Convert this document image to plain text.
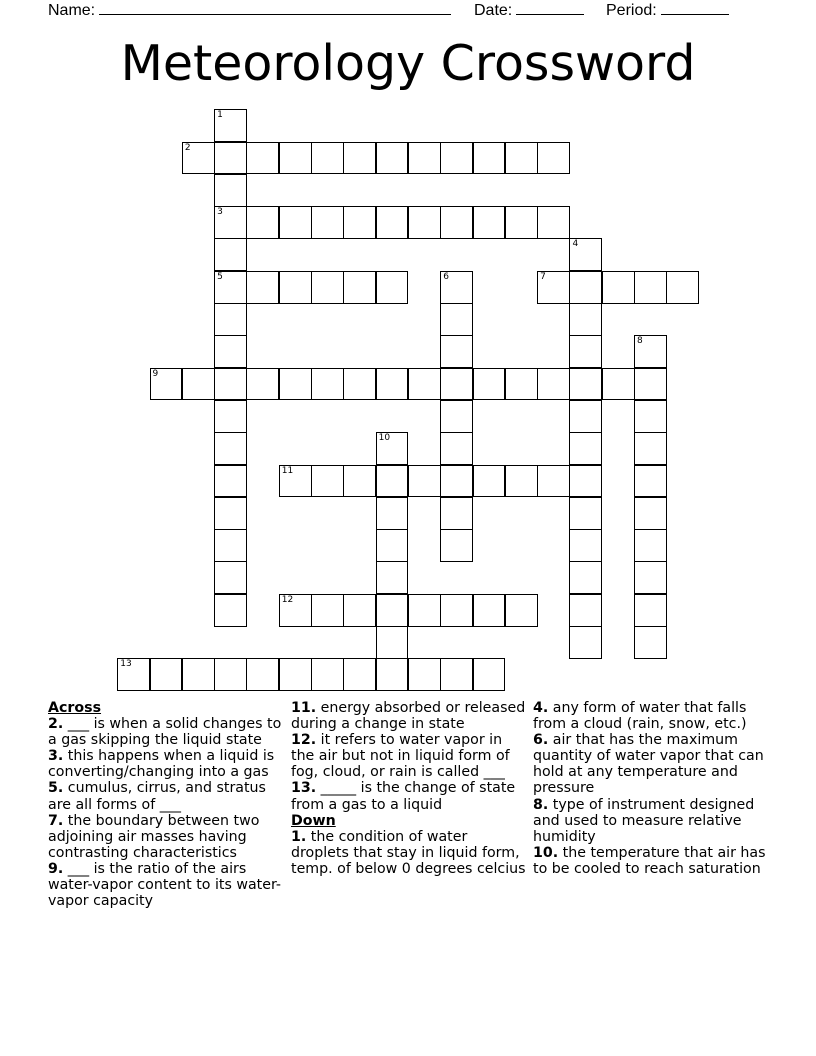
Name:	Date:	Period:
Meteorology Crossword
2
3
5	7
9
11
12
13
1
4
6
8
10
Across
2. ___ is when a solid changes to a gas skipping the liquid state
3. this happens when a liquid is converting/changing into a gas
5. cumulus, cirrus, and stratus are all forms of ___
7. the boundary between two adjoining air masses having contrasting characteristics
9. ___ is the ratio of the airs water-vapor content to its water-vapor capacity
11. energy absorbed or released during a change in state
12. it refers to water vapor in the air but not in liquid form of fog, cloud, or rain is called ___
13. _____ is the change of state from a gas to a liquid
Down
1. the condition of water droplets that stay in liquid form, temp. of below 0 degrees celcius
4. any form of water that falls from a cloud (rain, snow, etc.)
6. air that has the maximum quantity of water vapor that can hold at any temperature and pressure
8. type of instrument designed and used to measure relative humidity
10. the temperature that air has to be cooled to reach saturation
